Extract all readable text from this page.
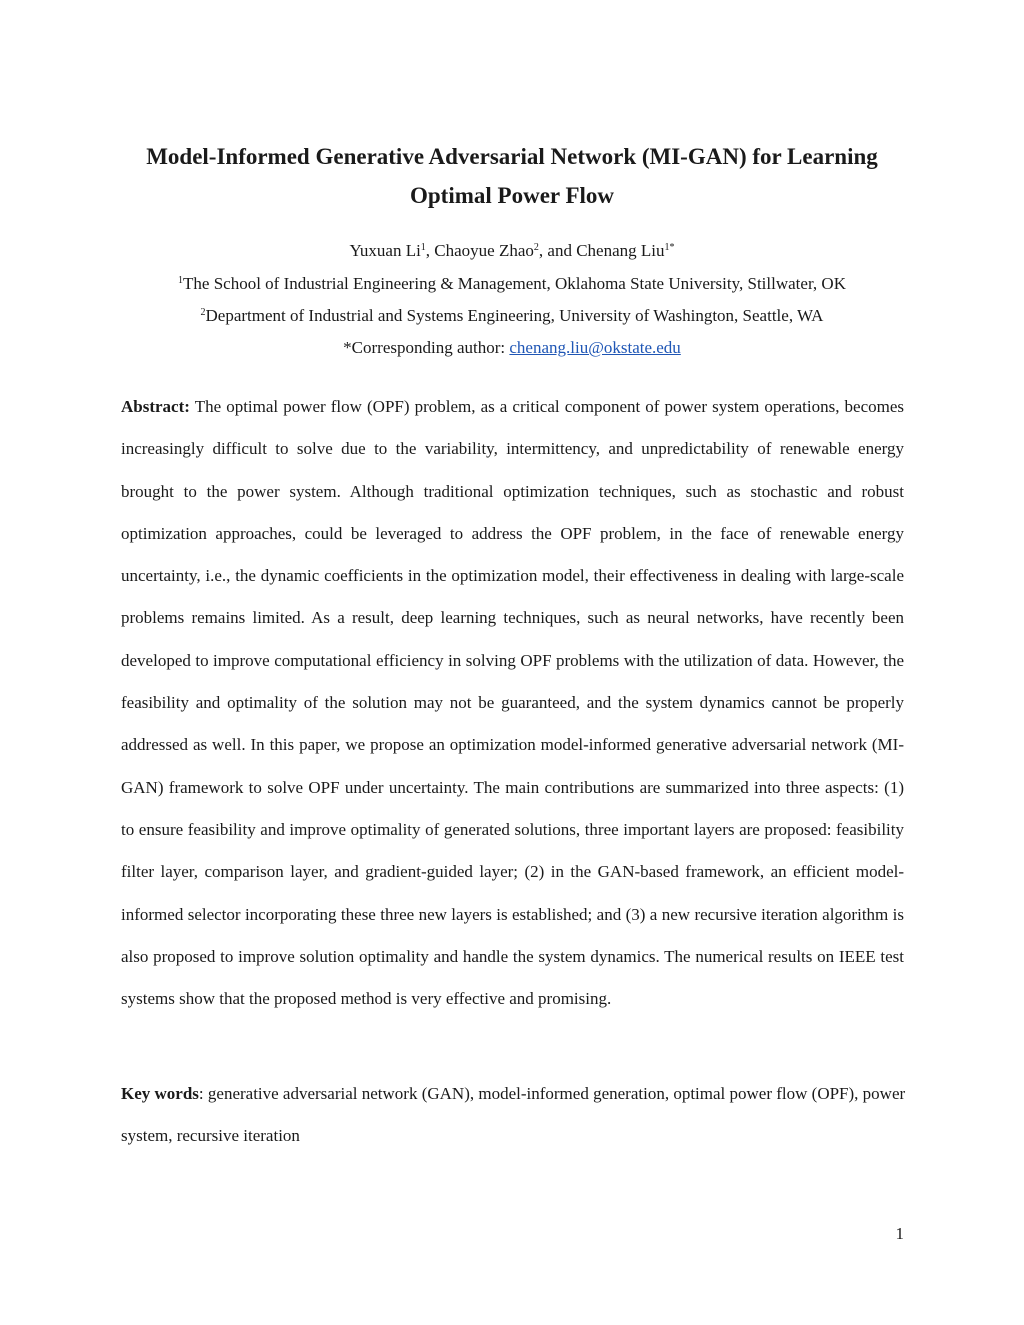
Model-Informed Generative Adversarial Network (MI-GAN) for Learning
Optimal Power Flow
Yuxuan Li$^1$, Chaoyue Zhao$^2$, and Chenang Liu$^{1*}$
$^1$The School of Industrial Engineering & Management, Oklahoma State University, Stillwater, OK
$^2$Department of Industrial and Systems Engineering, University of Washington, Seattle, WA
*Corresponding author: chenang.liu@okstate.edu

Abstract: The optimal power flow (OPF) problem, as a critical component of power system operations, becomes increasingly difficult to solve due to the variability, intermittency, and unpredictability of renewable energy brought to the power system. Although traditional optimization techniques, such as stochastic and robust optimization approaches, could be leveraged to address the OPF problem, in the face of renewable energy uncertainty, i.e., the dynamic coefficients in the optimization model, their effectiveness in dealing with large-scale problems remains limited. As a result, deep learning techniques, such as neural networks, have recently been developed to improve computational efficiency in solving OPF problems with the utilization of data. However, the feasibility and optimality of the solution may not be guaranteed, and the system dynamics cannot be properly addressed as well. In this paper, we propose an optimization model-informed generative adversarial network (MI-GAN) framework to solve OPF under uncertainty. The main contributions are summarized into three aspects: (1) to ensure feasibility and improve optimality of generated solutions, three important layers are proposed: feasibility filter layer, comparison layer, and gradient-guided layer; (2) in the GAN-based framework, an efficient model-informed selector incorporating these three new layers is established; and (3) a new recursive iteration algorithm is also proposed to improve solution optimality and handle the system dynamics. The numerical results on IEEE test systems show that the proposed method is very effective and promising.

Key words: generative adversarial network (GAN), model-informed generation, optimal power flow (OPF), power system, recursive iteration

1
